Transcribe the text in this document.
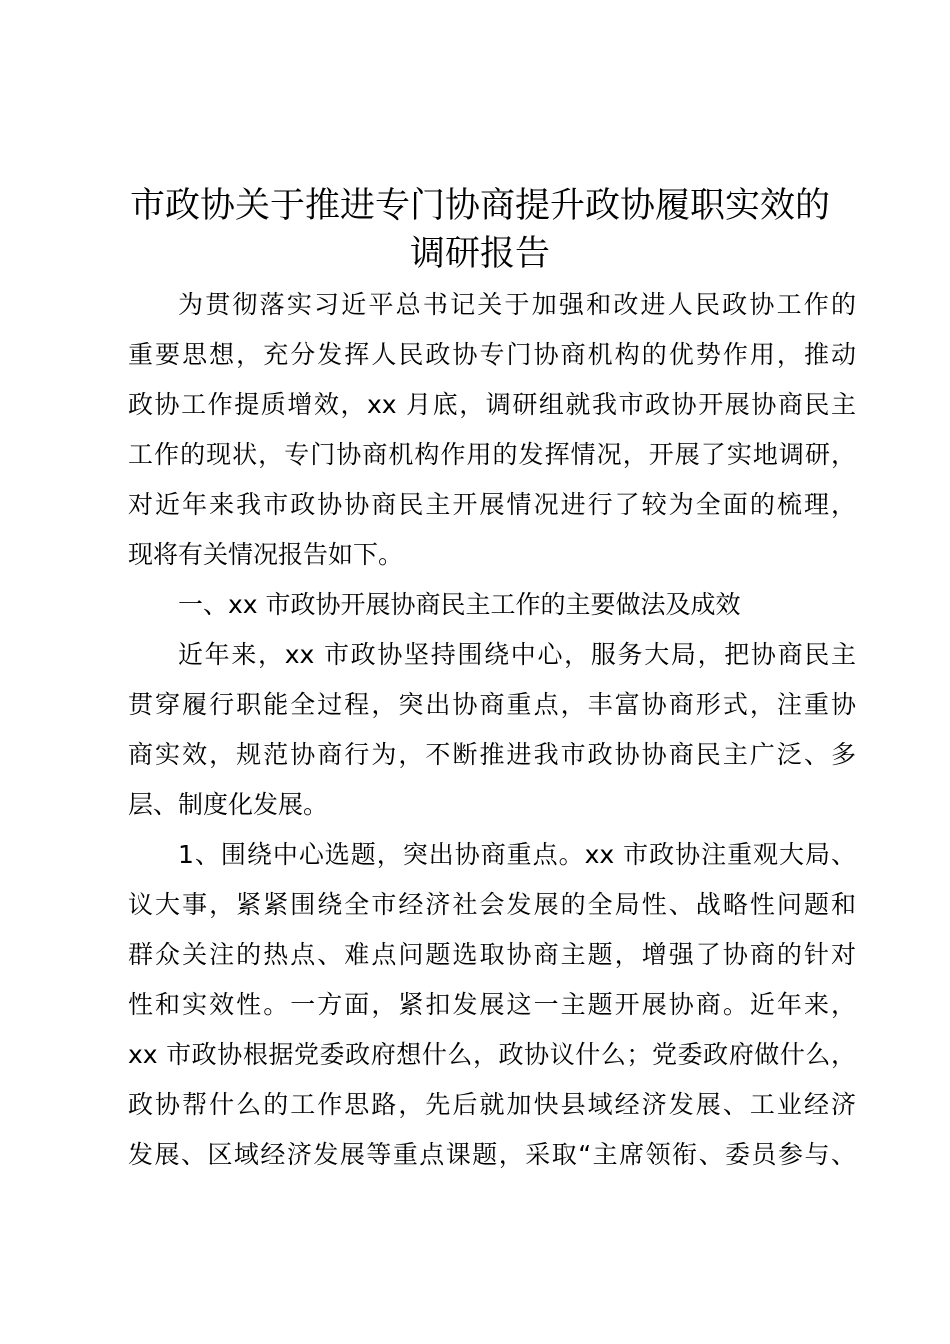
市政协关于推进专门协商提升政协履职实效的
调研报告
为贯彻落实习近平总书记关于加强和改进人民政协工作的
重要思想，充分发挥人民政协专门协商机构的优势作用，推动
政协工作提质增效，xx 月底，调研组就我市政协开展协商民主
工作的现状，专门协商机构作用的发挥情况，开展了实地调研，
对近年来我市政协协商民主开展情况进行了较为全面的梳理，
现将有关情况报告如下。
一、xx 市政协开展协商民主工作的主要做法及成效
近年来，xx 市政协坚持围绕中心，服务大局，把协商民主
贯穿履行职能全过程，突出协商重点，丰富协商形式，注重协
商实效，规范协商行为，不断推进我市政协协商民主广泛、多
层、制度化发展。
1、围绕中心选题，突出协商重点。xx 市政协注重观大局、
议大事，紧紧围绕全市经济社会发展的全局性、战略性问题和
群众关注的热点、难点问题选取协商主题，增强了协商的针对
性和实效性。一方面，紧扣发展这一主题开展协商。近年来，
xx 市政协根据党委政府想什么，政协议什么；党委政府做什么，
政协帮什么的工作思路，先后就加快县域经济发展、工业经济
发展、区域经济发展等重点课题，采取“主席领衔、委员参与、
